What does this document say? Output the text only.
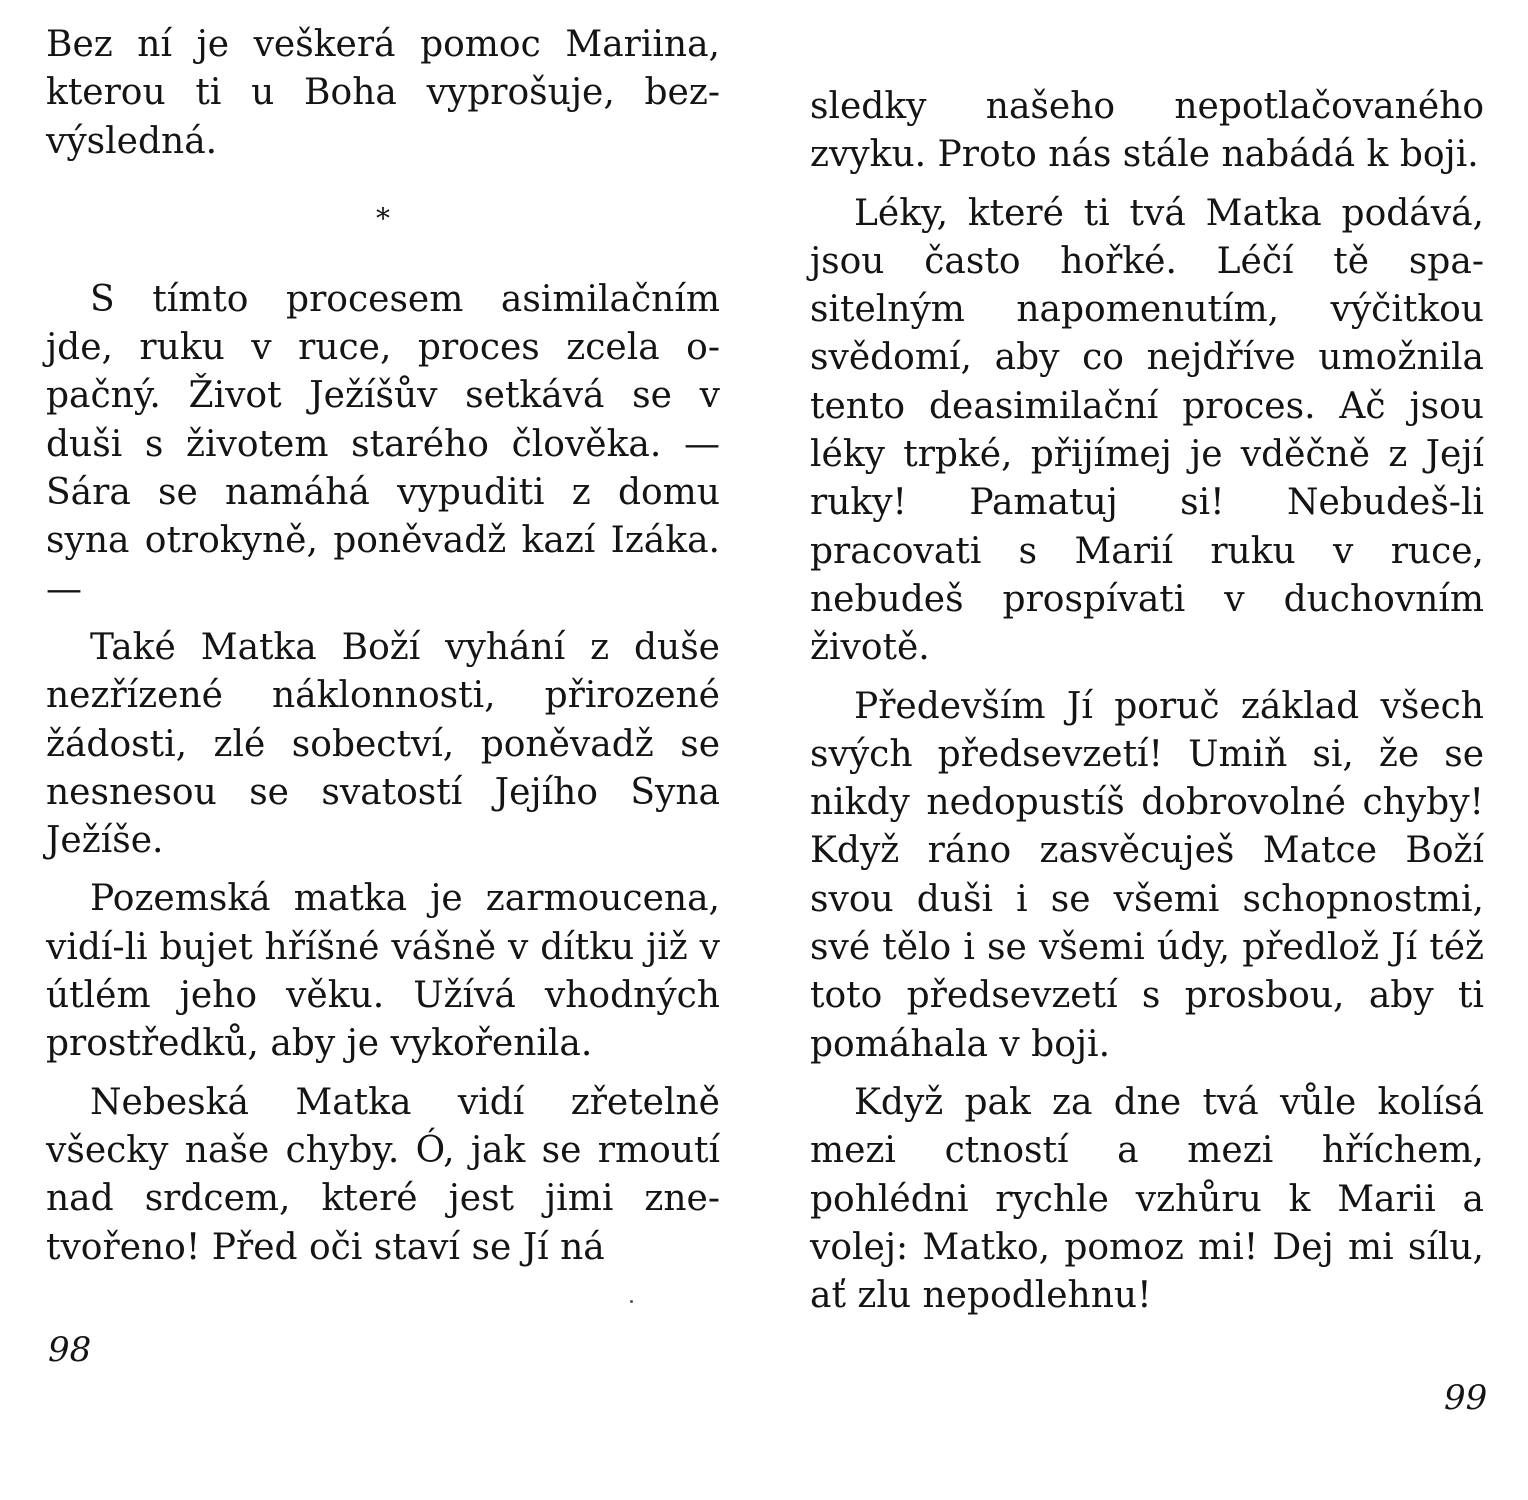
Bez ní je veškerá pomoc Mariina, kterou ti u Boha vyprošuje, bezvýsledná.

*

S tímto procesem asimilačním jde, ruku v ruce, proces zcela opačný. Život Ježíšův setkává se v duši s životem starého člověka. — Sára se namáhá vypuditi z domu syna otrokyně, poněvadž kazí Izáka. —

Také Matka Boží vyhání z duše nezřízené náklonnosti, přirozené žádosti, zlé sobectví, poněvadž se nesnesou se svatostí Jejího Syna Ježíše.

Pozemská matka je zarmoucena, vidí-li bujet hříšné vášně v dítku již v útlém jeho věku. Užívá vhodných prostředků, aby je vykořenila.

Nebeská Matka vidí zřetelně všecky naše chyby. Ó, jak se rmoutí nad srdcem, které jest jimi znetvořeno! Před oči staví se Jí ná

98

sledky našeho nepotlačovaného zvyku. Proto nás stále nabádá k boji.

Léky, které ti tvá Matka podává, jsou často hořké. Léčí tě spasitelným napomenutím, výčitkou svědomí, aby co nejdříve umožnila tento deasimilační proces. Ač jsou léky trpké, přijímej je vděčně z Její ruky! Pamatuj si! Nebudeš-li pracovati s Marií ruku v ruce, nebudeš prospívati v duchovním životě.

Především Jí poruč základ všech svých předsevzetí! Umiň si, že se nikdy nedopustíš dobrovolné chyby! Když ráno zasvěcuješ Matce Boží svou duši i se všemi schopnostmi, své tělo i se všemi údy, předlož Jí též toto předsevzetí s prosbou, aby ti pomáhala v boji.

Když pak za dne tvá vůle kolísá mezi ctností a mezi hříchem, pohlédni rychle vzhůru k Marii a volej: Matko, pomoz mi! Dej mi sílu, ať zlu nepodlehnu!

99
